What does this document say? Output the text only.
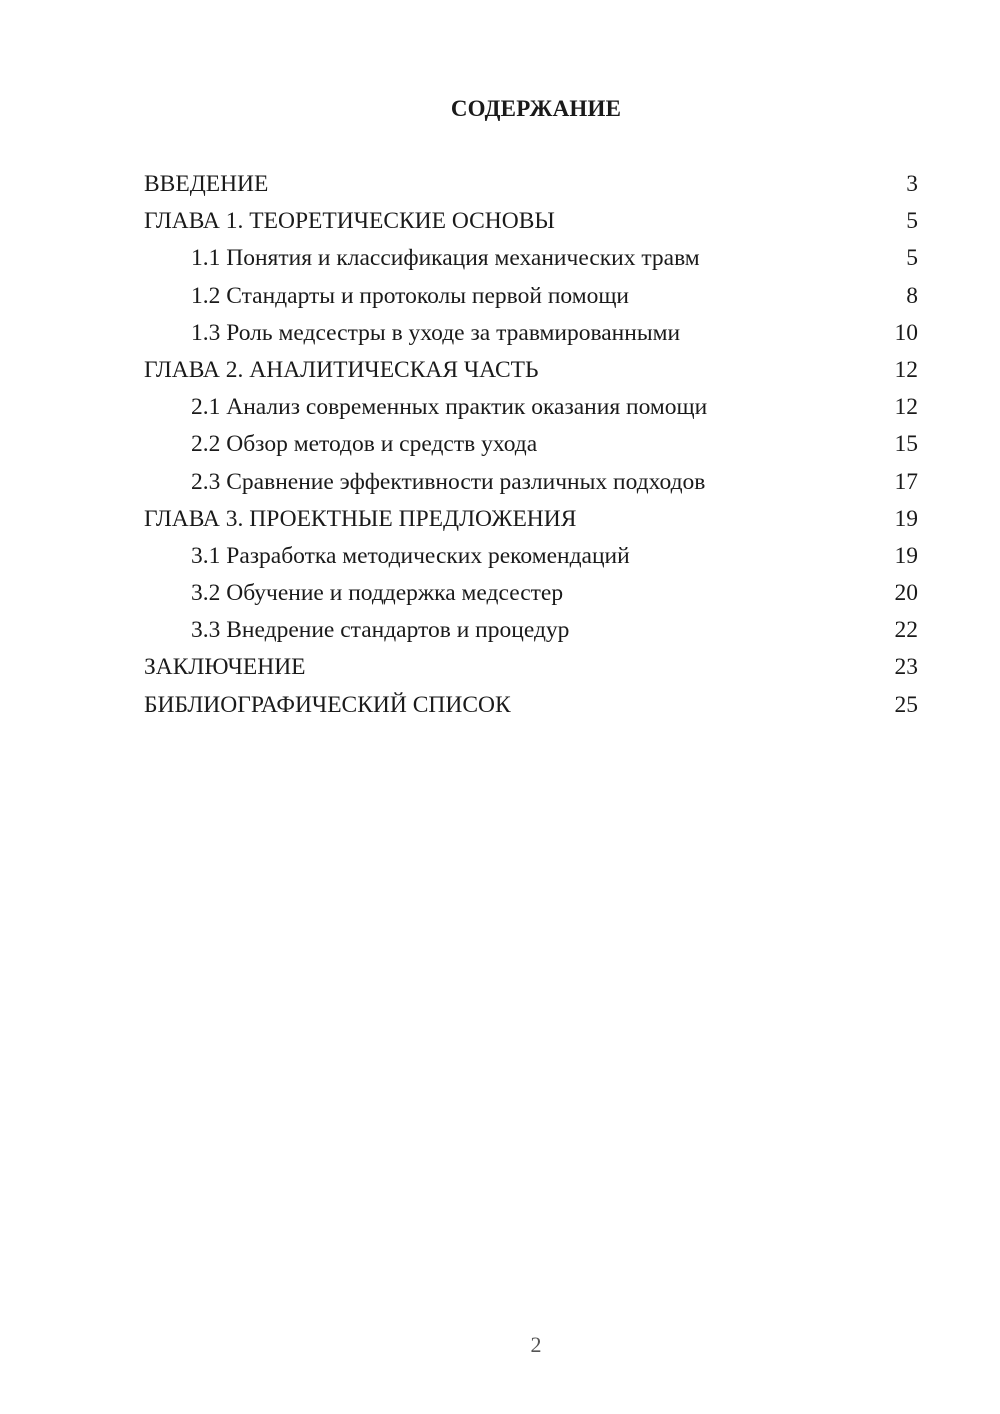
СОДЕРЖАНИЕ
ВВЕДЕНИЕ	3
ГЛАВА 1. ТЕОРЕТИЧЕСКИЕ ОСНОВЫ	5
1.1 Понятия и классификация механических травм	5
1.2 Стандарты и протоколы первой помощи	8
1.3 Роль медсестры в уходе за травмированными	10
ГЛАВА 2. АНАЛИТИЧЕСКАЯ ЧАСТЬ	12
2.1 Анализ современных практик оказания помощи	12
2.2 Обзор методов и средств ухода	15
2.3 Сравнение эффективности различных подходов	17
ГЛАВА 3. ПРОЕКТНЫЕ ПРЕДЛОЖЕНИЯ	19
3.1 Разработка методических рекомендаций	19
3.2 Обучение и поддержка медсестер	20
3.3 Внедрение стандартов и процедур	22
ЗАКЛЮЧЕНИЕ	23
БИБЛИОГРАФИЧЕСКИЙ СПИСОК	25
2
